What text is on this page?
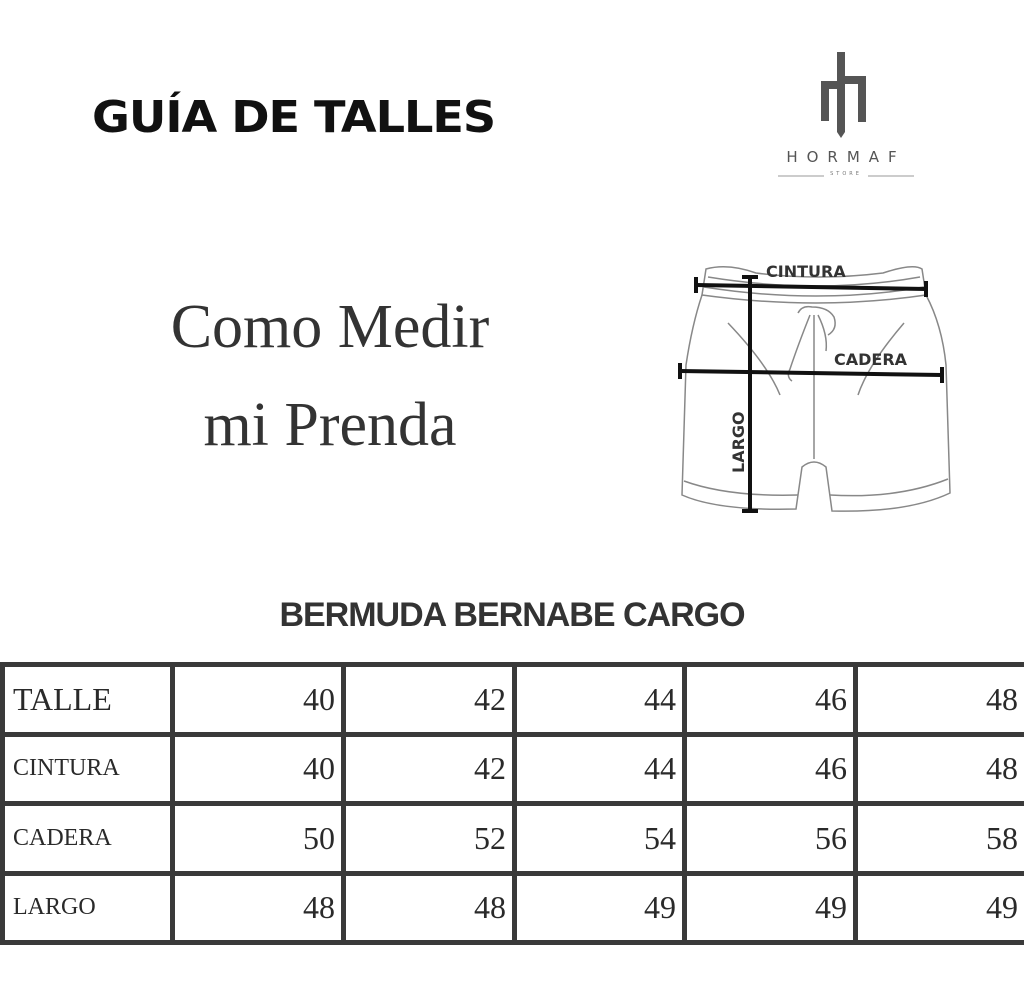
GUÍA DE TALLES
HORMAF
STORE
Como Medir
mi Prenda
CINTURA
CADERA
LARGO
BERMUDA BERNABE CARGO
TALLE	40	42	44	46	48
CINTURA	40	42	44	46	48
CADERA	50	52	54	56	58
LARGO	48	48	49	49	49
